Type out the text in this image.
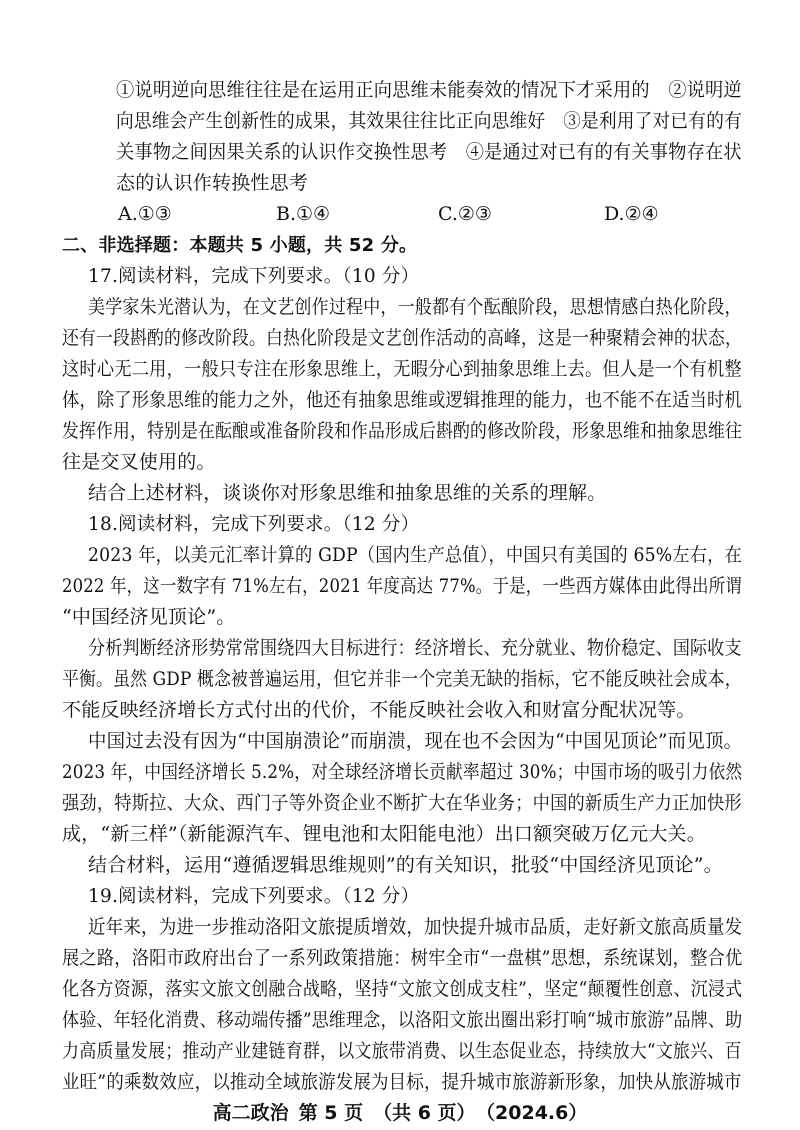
①说明逆向思维往往是在运用正向思维未能奏效的情况下才采用的　②说明逆
向思维会产生创新性的成果，其效果往往比正向思维好　③是利用了对已有的有
关事物之间因果关系的认识作交换性思考　④是通过对已有的有关事物存在状
态的认识作转换性思考
A.①③	B.①④	C.②③	D.②④
二、非选择题：本题共 5 小题，共 52 分。
17.阅读材料，完成下列要求。（10 分）
美学家朱光潜认为，在文艺创作过程中，一般都有个酝酿阶段，思想情感白热化阶段，
还有一段斟酌的修改阶段。白热化阶段是文艺创作活动的高峰，这是一种聚精会神的状态，
这时心无二用，一般只专注在形象思维上，无暇分心到抽象思维上去。但人是一个有机整
体，除了形象思维的能力之外，他还有抽象思维或逻辑推理的能力，也不能不在适当时机
发挥作用，特别是在酝酿或准备阶段和作品形成后斟酌的修改阶段，形象思维和抽象思维往
往是交叉使用的。
结合上述材料，谈谈你对形象思维和抽象思维的关系的理解。
18.阅读材料，完成下列要求。（12 分）
2023 年，以美元汇率计算的 GDP（国内生产总值），中国只有美国的 65%左右，在
2022 年，这一数字有 71%左右，2021 年度高达 77%。于是，一些西方媒体由此得出所谓
“中国经济见顶论”。
分析判断经济形势常常围绕四大目标进行：经济增长、充分就业、物价稳定、国际收支
平衡。虽然 GDP 概念被普遍运用，但它并非一个完美无缺的指标，它不能反映社会成本，
不能反映经济增长方式付出的代价，不能反映社会收入和财富分配状况等。
中国过去没有因为“中国崩溃论”而崩溃，现在也不会因为“中国见顶论”而见顶。
2023 年，中国经济增长 5.2%，对全球经济增长贡献率超过 30%；中国市场的吸引力依然
强劲，特斯拉、大众、西门子等外资企业不断扩大在华业务；中国的新质生产力正加快形
成，“新三样”（新能源汽车、锂电池和太阳能电池）出口额突破万亿元大关。
结合材料，运用“遵循逻辑思维规则”的有关知识，批驳“中国经济见顶论”。
19.阅读材料，完成下列要求。（12 分）
近年来，为进一步推动洛阳文旅提质增效，加快提升城市品质，走好新文旅高质量发
展之路，洛阳市政府出台了一系列政策措施：树牢全市“一盘棋”思想，系统谋划，整合优
化各方资源，落实文旅文创融合战略，坚持“文旅文创成支柱”，坚定“颠覆性创意、沉浸式
体验、年轻化消费、移动端传播”思维理念，以洛阳文旅出圈出彩打响“城市旅游”品牌、助
力高质量发展；推动产业建链育群，以文旅带消费、以生态促业态，持续放大“文旅兴、百
业旺”的乘数效应，以推动全域旅游发展为目标，提升城市旅游新形象，加快从旅游城市
高二政治 第 5 页 （共 6 页） （2024.6）
